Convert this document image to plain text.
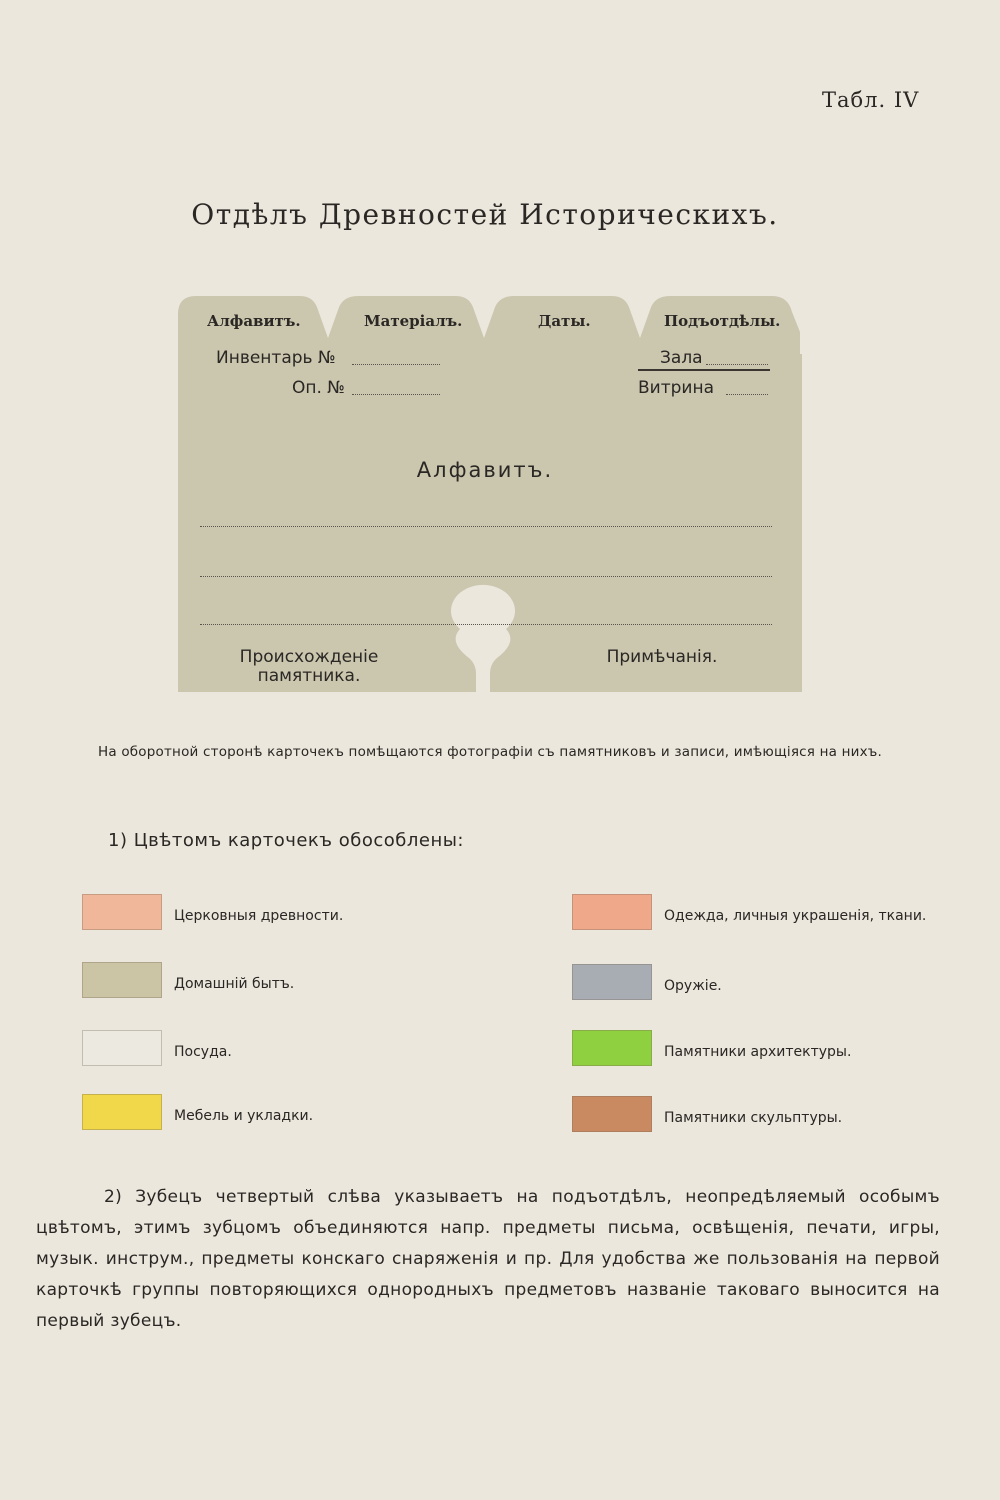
Табл. IV
Отдѣлъ Древностей Историческихъ.
Алфавитъ.	Матеріалъ.	Даты.	Подъотдѣлы.
Инвентарь №
Оп. №
Зала
Витрина
Алфавитъ.
Происхожденіе
памятника.
Примѣчанія.
На оборотной сторонѣ карточекъ помѣщаются фотографіи съ памятниковъ и записи, имѣющіяся на нихъ.
1) Цвѣтомъ карточекъ обособлены:
Церковныя древности.
Домашній бытъ.
Посуда.
Мебель и укладки.
Одежда, личныя украшенія, ткани.
Оружіе.
Памятники архитектуры.
Памятники скульптуры.
2) Зубецъ четвертый слѣва указываетъ на подъотдѣлъ, неопредѣляемый особымъ цвѣтомъ, этимъ зубцомъ объединяются напр. предметы письма, освѣщенія, печати, игры, музык. инструм., предметы конскаго снаряженія и пр. Для удобства же пользованія на первой карточкѣ группы повторяющихся однородныхъ предметовъ названіе таковаго выносится на первый зубецъ.
